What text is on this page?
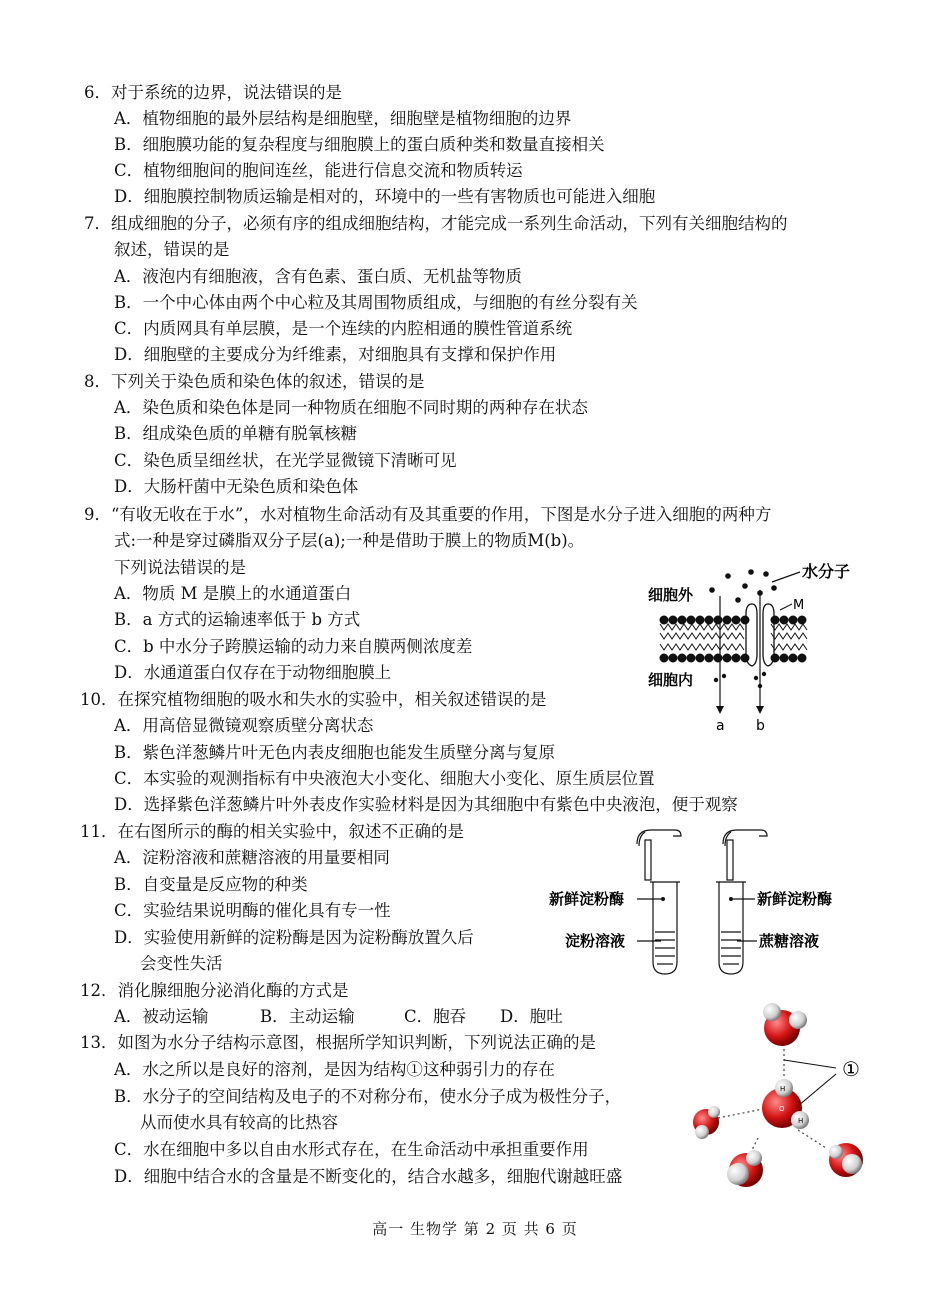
6．对于系统的边界，说法错误的是
A．植物细胞的最外层结构是细胞壁，细胞壁是植物细胞的边界
B．细胞膜功能的复杂程度与细胞膜上的蛋白质种类和数量直接相关
C．植物细胞间的胞间连丝，能进行信息交流和物质转运
D．细胞膜控制物质运输是相对的，环境中的一些有害物质也可能进入细胞
7．组成细胞的分子，必须有序的组成细胞结构，才能完成一系列生命活动，下列有关细胞结构的
叙述，错误的是
A．液泡内有细胞液，含有色素、蛋白质、无机盐等物质
B．一个中心体由两个中心粒及其周围物质组成，与细胞的有丝分裂有关
C．内质网具有单层膜，是一个连续的内腔相通的膜性管道系统
D．细胞壁的主要成分为纤维素，对细胞具有支撑和保护作用
8．下列关于染色质和染色体的叙述，错误的是
A．染色质和染色体是同一种物质在细胞不同时期的两种存在状态
B．组成染色质的单糖有脱氧核糖
C．染色质呈细丝状，在光学显微镜下清晰可见
D．大肠杆菌中无染色质和染色体
9．“有收无收在于水”，水对植物生命活动有及其重要的作用，下图是水分子进入细胞的两种方
式:一种是穿过磷脂双分子层(a);一种是借助于膜上的物质M(b)。
下列说法错误的是
A．物质 M 是膜上的水通道蛋白
B．a 方式的运输速率低于 b 方式
C．b 中水分子跨膜运输的动力来自膜两侧浓度差
D．水通道蛋白仅存在于动物细胞膜上
水分子
细胞外
细胞内
M
a b
10．在探究植物细胞的吸水和失水的实验中，相关叙述错误的是
A．用高倍显微镜观察质壁分离状态
B．紫色洋葱鳞片叶无色内表皮细胞也能发生质壁分离与复原
C．本实验的观测指标有中央液泡大小变化、细胞大小变化、原生质层位置
D．选择紫色洋葱鳞片叶外表皮作实验材料是因为其细胞中有紫色中央液泡，便于观察
11．在右图所示的酶的相关实验中，叙述不正确的是
A．淀粉溶液和蔗糖溶液的用量要相同
B．自变量是反应物的种类
C．实验结果说明酶的催化具有专一性
D．实验使用新鲜的淀粉酶是因为淀粉酶放置久后
会变性失活
新鲜淀粉酶
淀粉溶液
新鲜淀粉酶
蔗糖溶液
12．消化腺细胞分泌消化酶的方式是
A．被动运输	B．主动运输	C．胞吞 D．胞吐
13．如图为水分子结构示意图，根据所学知识判断，下列说法正确的是
A．水之所以是良好的溶剂，是因为结构①这种弱引力的存在
B．水分子的空间结构及电子的不对称分布，使水分子成为极性分子，
从而使水具有较高的比热容
C．水在细胞中多以自由水形式存在，在生命活动中承担重要作用
D．细胞中结合水的含量是不断变化的，结合水越多，细胞代谢越旺盛
①
H
H
O
高一 生物学 第 2 页 共 6 页
